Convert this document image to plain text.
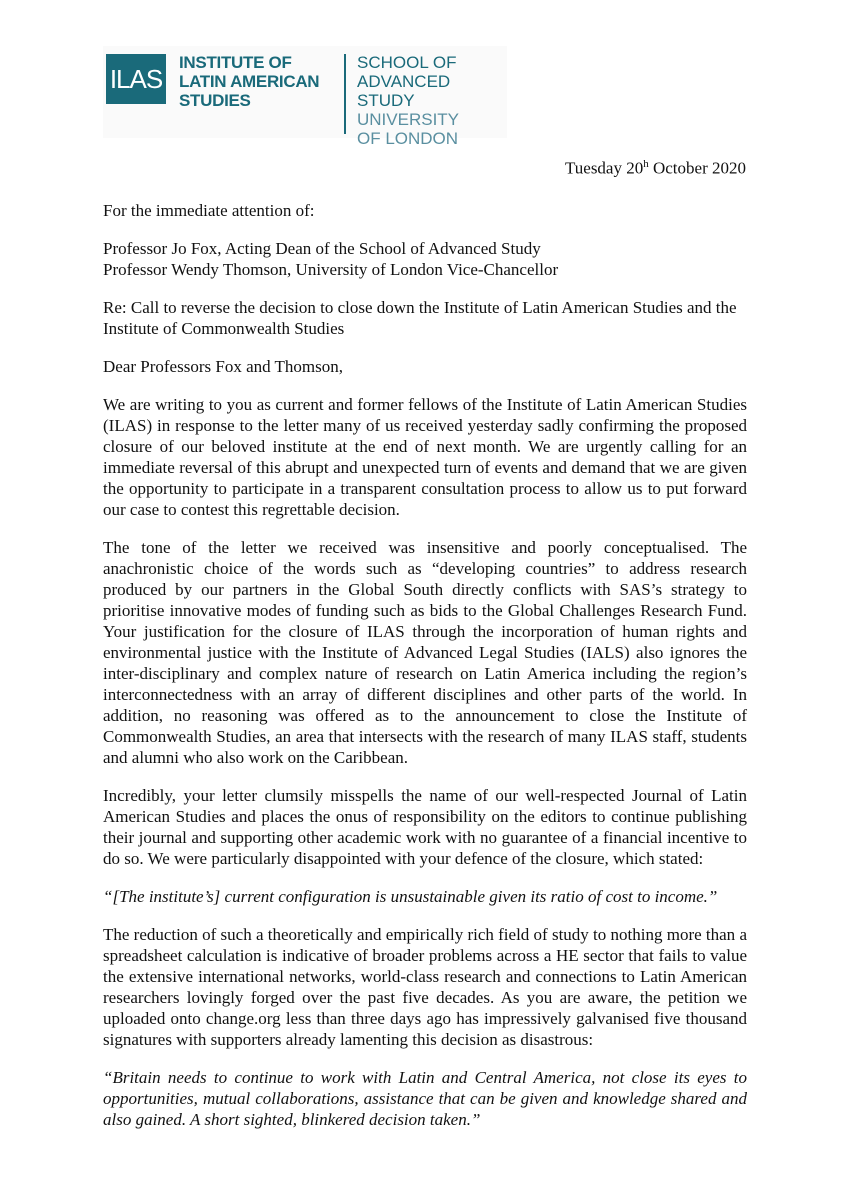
ILAS
INSTITUTE OF
LATIN AMERICAN
STUDIES
SCHOOL OF
ADVANCED STUDY
UNIVERSITY
OF LONDON
Tuesday 20$^h$ October 2020

For the immediate attention of:

Professor Jo Fox, Acting Dean of the School of Advanced Study
Professor Wendy Thomson, University of London Vice-Chancellor

Re: Call to reverse the decision to close down the Institute of Latin American Studies and the Institute of Commonwealth Studies

Dear Professors Fox and Thomson,

We are writing to you as current and former fellows of the Institute of Latin American Studies (ILAS) in response to the letter many of us received yesterday sadly confirming the proposed closure of our beloved institute at the end of next month. We are urgently calling for an immediate reversal of this abrupt and unexpected turn of events and demand that we are given the opportunity to participate in a transparent consultation process to allow us to put forward our case to contest this regrettable decision.

The tone of the letter we received was insensitive and poorly conceptualised. The anachronistic choice of the words such as “developing countries” to address research produced by our partners in the Global South directly conflicts with SAS’s strategy to prioritise innovative modes of funding such as bids to the Global Challenges Research Fund. Your justification for the closure of ILAS through the incorporation of human rights and environmental justice with the Institute of Advanced Legal Studies (IALS) also ignores the inter-disciplinary and complex nature of research on Latin America including the region’s interconnectedness with an array of different disciplines and other parts of the world. In addition, no reasoning was offered as to the announcement to close the Institute of Commonwealth Studies, an area that intersects with the research of many ILAS staff, students and alumni who also work on the Caribbean.

Incredibly, your letter clumsily misspells the name of our well-respected Journal of Latin American Studies and places the onus of responsibility on the editors to continue publishing their journal and supporting other academic work with no guarantee of a financial incentive to do so. We were particularly disappointed with your defence of the closure, which stated:

“[The institute’s] current configuration is unsustainable given its ratio of cost to income.”

The reduction of such a theoretically and empirically rich field of study to nothing more than a spreadsheet calculation is indicative of broader problems across a HE sector that fails to value the extensive international networks, world-class research and connections to Latin American researchers lovingly forged over the past five decades. As you are aware, the petition we uploaded onto change.org less than three days ago has impressively galvanised five thousand signatures with supporters already lamenting this decision as disastrous:

“Britain needs to continue to work with Latin and Central America, not close its eyes to opportunities, mutual collaborations, assistance that can be given and knowledge shared and also gained. A short sighted, blinkered decision taken.”
